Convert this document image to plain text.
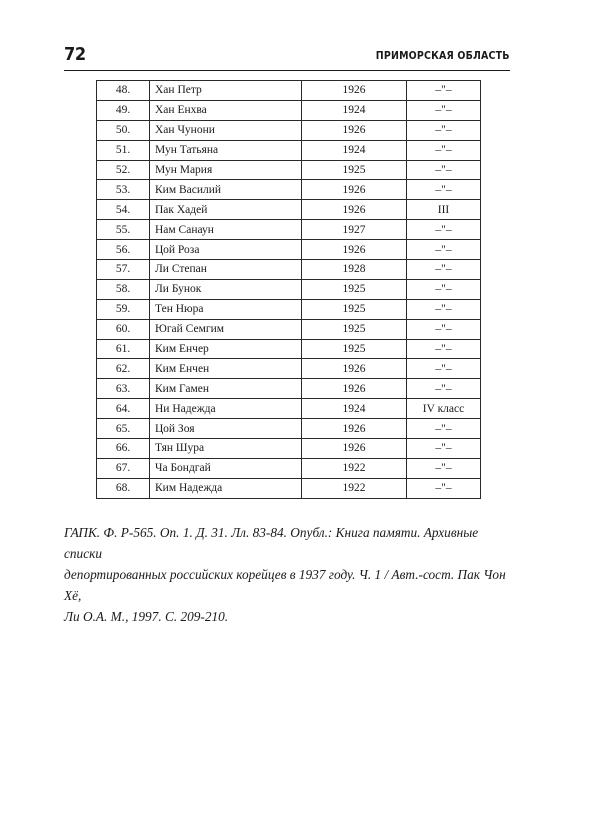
72	ПРИМОРСКАЯ ОБЛАСТЬ
48.	Хан Петр	1926	–"–
49.	Хан Енхва	1924	–"–
50.	Хан Чунони	1926	–"–
51.	Мун Татьяна	1924	–"–
52.	Мун Мария	1925	–"–
53.	Ким Василий	1926	–"–
54.	Пак Хадей	1926	III
55.	Нам Санаун	1927	–"–
56.	Цой Роза	1926	–"–
57.	Ли Степан	1928	–"–
58.	Ли Бунок	1925	–"–
59.	Тен Нюра	1925	–"–
60.	Югай Семгим	1925	–"–
61.	Ким Енчер	1925	–"–
62.	Ким Енчен	1926	–"–
63.	Ким Гамен	1926	–"–
64.	Ни Надежда	1924	IV класс
65.	Цой Зоя	1926	–"–
66.	Тян Шура	1926	–"–
67.	Ча Бондгай	1922	–"–
68.	Ким Надежда	1922	–"–
ГАПК. Ф. Р-565. Оп. 1. Д. 31. Лл. 83-84. Опубл.: Книга памяти. Архивные списки
депортированных российских корейцев в 1937 году. Ч. 1 / Авт.-сост. Пак Чон Хё,
Ли О.А. М., 1997. С. 209-210.
